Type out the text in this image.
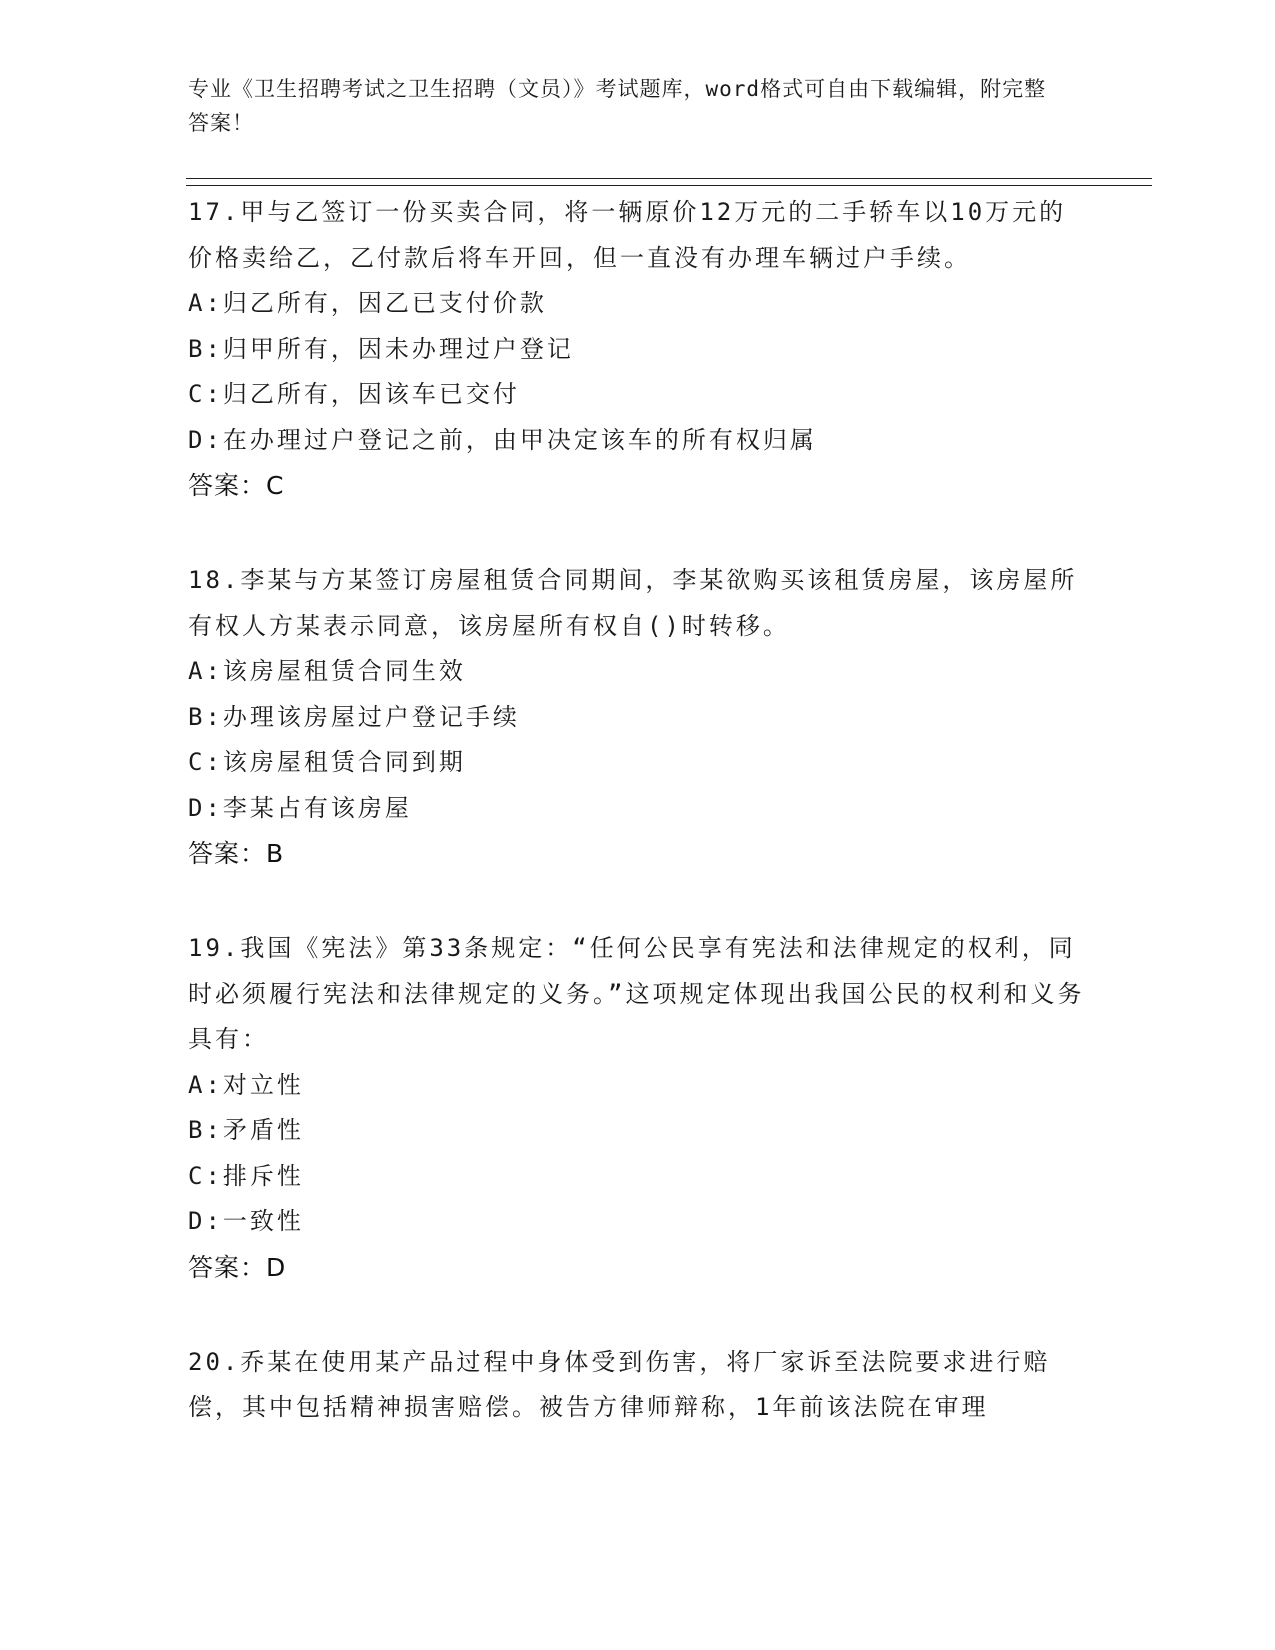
专业《卫生招聘考试之卫生招聘（文员）》考试题库，word格式可自由下载编辑，附完整答案！

17.甲与乙签订一份买卖合同，将一辆原价12万元的二手轿车以10万元的价格卖给乙，乙付款后将车开回，但一直没有办理车辆过户手续。

A:归乙所有，因乙已支付价款
B:归甲所有，因未办理过户登记
C:归乙所有，因该车已交付
D:在办理过户登记之前，由甲决定该车的所有权归属
答案：C

18.李某与方某签订房屋租赁合同期间，李某欲购买该租赁房屋，该房屋所有权人方某表示同意，该房屋所有权自()时转移。

A:该房屋租赁合同生效
B:办理该房屋过户登记手续
C:该房屋租赁合同到期
D:李某占有该房屋
答案：B

19.我国《宪法》第33条规定：“任何公民享有宪法和法律规定的权利，同时必须履行宪法和法律规定的义务。”这项规定体现出我国公民的权利和义务具有：

A:对立性
B:矛盾性
C:排斥性
D:一致性
答案：D

20.乔某在使用某产品过程中身体受到伤害，将厂家诉至法院要求进行赔偿，其中包括精神损害赔偿。被告方律师辩称，1年前该法院在审理
